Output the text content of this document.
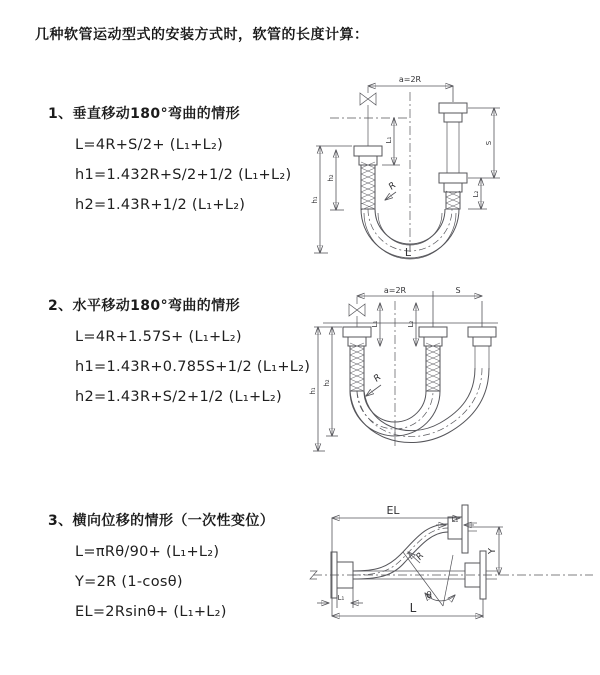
几种软管运动型式的安装方式时，软管的长度计算：
1、垂直移动180°弯曲的情形
L=4R+S/2+ (L₁+L₂)
h1=1.432R+S/2+1/2 (L₁+L₂)
h2=1.43R+1/2 (L₁+L₂)
2、水平移动180°弯曲的情形
L=4R+1.57S+ (L₁+L₂)
h1=1.43R+0.785S+1/2 (L₁+L₂)
h2=1.43R+S/2+1/2 (L₁+L₂)
3、横向位移的情形（一次性变位）
L=πRθ/90+ (L₁+L₂)
Y=2R (1-cosθ)
EL=2Rsinθ+ (L₁+L₂)
a=2R
R
L
h₁
h₂
L₁	S
L₂
a=2R	S
h₁
h₂
L₁	L₂
R
θ
R
EL
L₁
Y
L
L₁
